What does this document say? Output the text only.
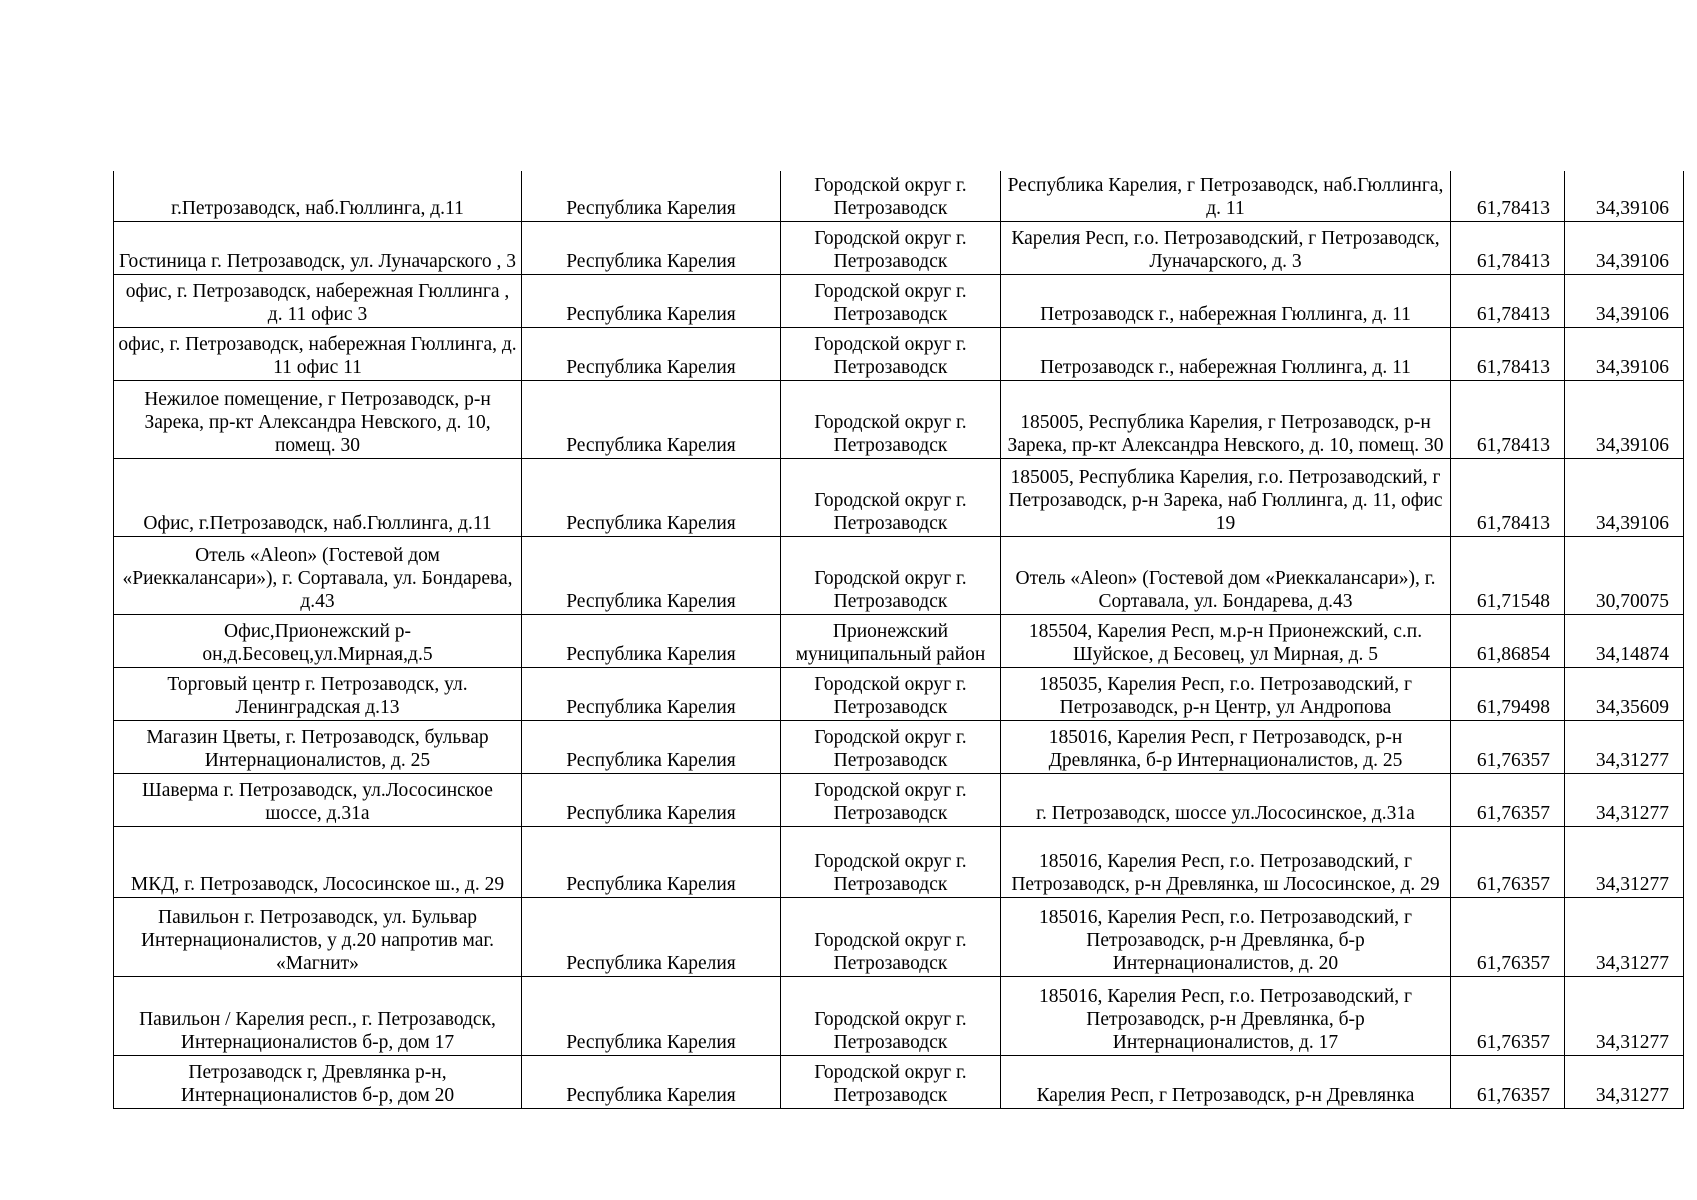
г.Петрозаводск, наб.Гюллинга, д.11	Республика Карелия	Городской округ г. Петрозаводск	Республика Карелия, г Петрозаводск, наб.Гюллинга, д. 11	61,78413	34,39106
Гостиница г. Петрозаводск, ул. Луначарского , 3	Республика Карелия	Городской округ г. Петрозаводск	Карелия Респ, г.о. Петрозаводский, г Петрозаводск, Луначарского, д. 3	61,78413	34,39106
офис, г. Петрозаводск, набережная Гюллинга , д. 11 офис 3	Республика Карелия	Городской округ г. Петрозаводск	Петрозаводск г., набережная Гюллинга, д. 11	61,78413	34,39106
офис, г. Петрозаводск, набережная Гюллинга, д. 11 офис 11	Республика Карелия	Городской округ г. Петрозаводск	Петрозаводск г., набережная Гюллинга, д. 11	61,78413	34,39106
Нежилое помещение, г Петрозаводск, р-н Зарека, пр-кт Александра Невского, д. 10, помещ. 30	Республика Карелия	Городской округ г. Петрозаводск	185005, Республика Карелия, г Петрозаводск, р-н Зарека, пр-кт Александра Невского, д. 10, помещ. 30	61,78413	34,39106
Офис, г.Петрозаводск, наб.Гюллинга, д.11	Республика Карелия	Городской округ г. Петрозаводск	185005, Республика Карелия, г.о. Петрозаводский, г Петрозаводск, р-н Зарека, наб Гюллинга, д. 11, офис 19	61,78413	34,39106
Отель «Aleon» (Гостевой дом «Риеккалансари»), г. Сортавала, ул. Бондарева, д.43	Республика Карелия	Городской округ г. Петрозаводск	Отель «Aleon» (Гостевой дом «Риеккалансари»), г. Сортавала, ул. Бондарева, д.43	61,71548	30,70075
Офис,Прионежский р-он,д.Бесовец,ул.Мирная,д.5	Республика Карелия	Прионежский муниципальный район	185504, Карелия Респ, м.р-н Прионежский, с.п. Шуйское, д Бесовец, ул Мирная, д. 5	61,86854	34,14874
Торговый центр г. Петрозаводск, ул. Ленинградская д.13	Республика Карелия	Городской округ г. Петрозаводск	185035, Карелия Респ, г.о. Петрозаводский, г Петрозаводск, р-н Центр, ул Андропова	61,79498	34,35609
Магазин Цветы, г. Петрозаводск, бульвар Интернационалистов, д. 25	Республика Карелия	Городской округ г. Петрозаводск	185016, Карелия Респ, г Петрозаводск, р-н Древлянка, б-р Интернационалистов, д. 25	61,76357	34,31277
Шаверма г. Петрозаводск, ул.Лососинское шоссе, д.31а	Республика Карелия	Городской округ г. Петрозаводск	г. Петрозаводск, шоссе ул.Лососинское, д.31а	61,76357	34,31277
МКД, г. Петрозаводск, Лососинское ш., д. 29	Республика Карелия	Городской округ г. Петрозаводск	185016, Карелия Респ, г.о. Петрозаводский, г Петрозаводск, р-н Древлянка, ш Лососинское, д. 29	61,76357	34,31277
Павильон г. Петрозаводск, ул. Бульвар Интернационалистов, у д.20 напротив маг. «Магнит»	Республика Карелия	Городской округ г. Петрозаводск	185016, Карелия Респ, г.о. Петрозаводский, г Петрозаводск, р-н Древлянка, б-р Интернационалистов, д. 20	61,76357	34,31277
Павильон / Карелия респ., г. Петрозаводск, Интернационалистов б-р, дом 17	Республика Карелия	Городской округ г. Петрозаводск	185016, Карелия Респ, г.о. Петрозаводский, г Петрозаводск, р-н Древлянка, б-р Интернационалистов, д. 17	61,76357	34,31277
Петрозаводск г, Древлянка р-н, Интернационалистов б-р, дом 20	Республика Карелия	Городской округ г. Петрозаводск	Карелия Респ, г Петрозаводск, р-н Древлянка	61,76357	34,31277
